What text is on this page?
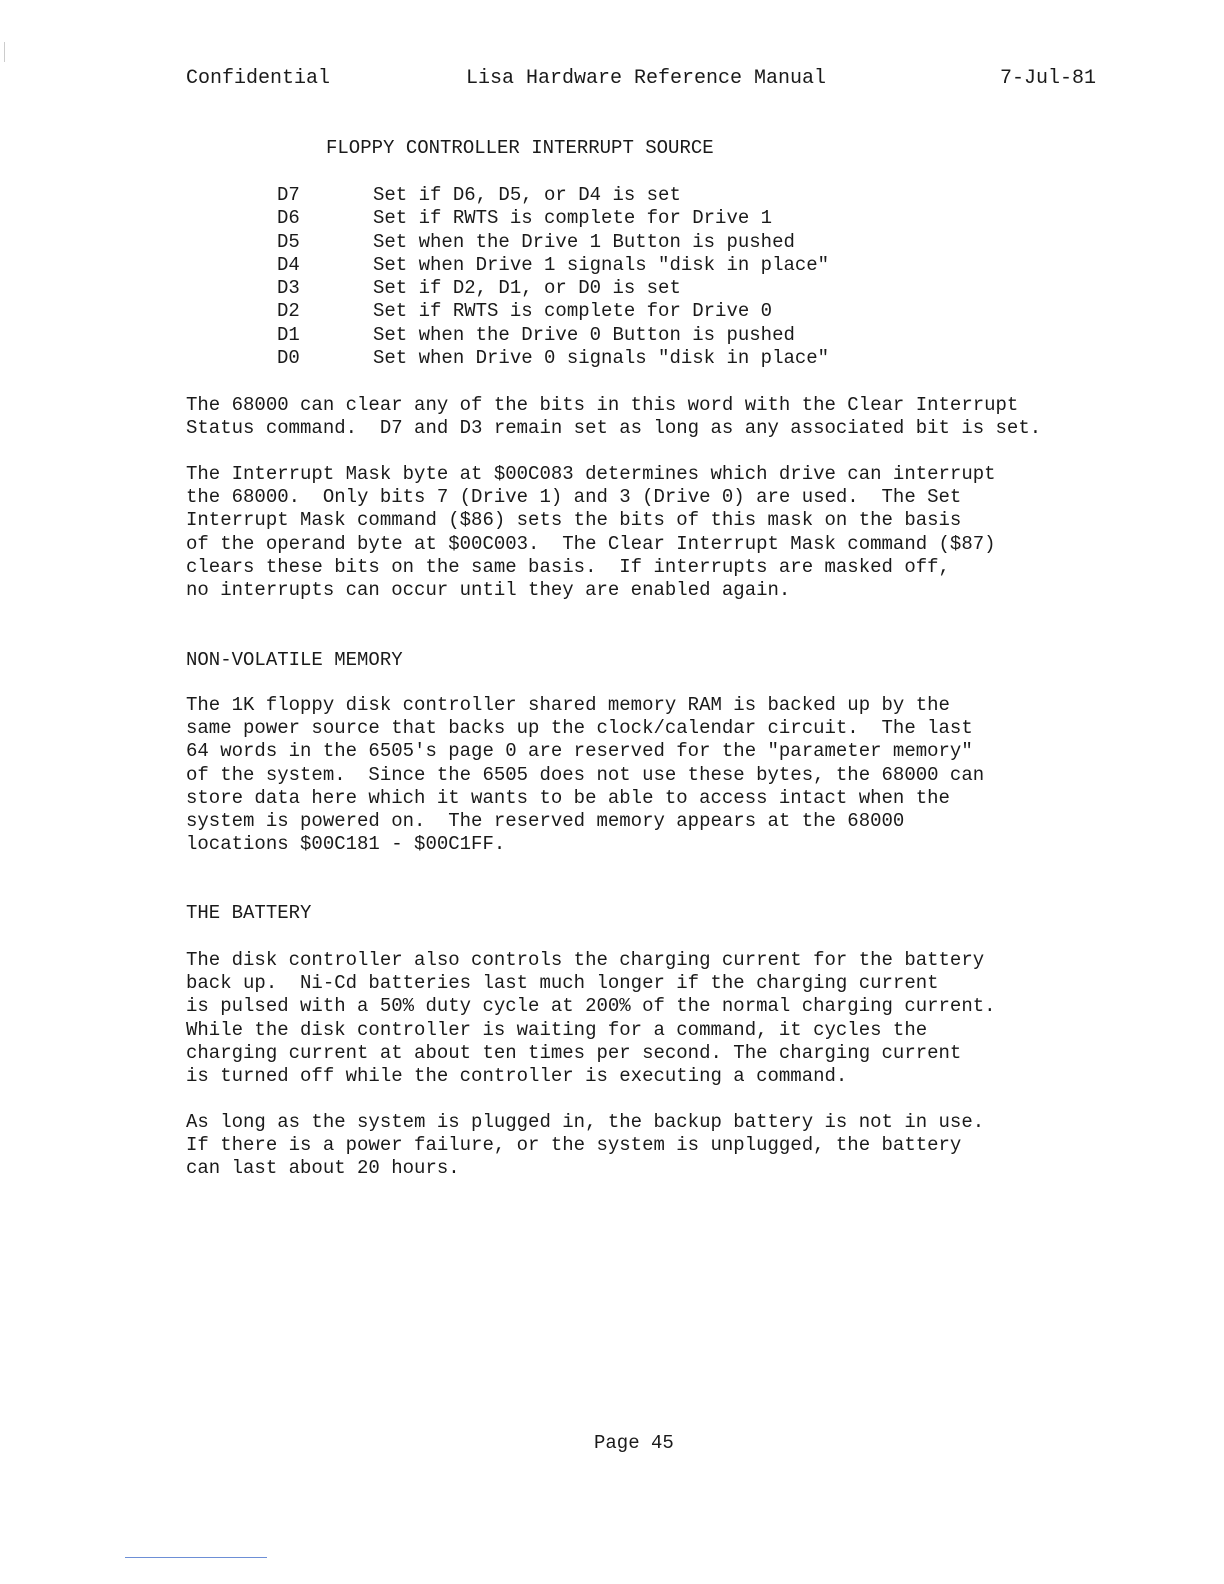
Confidential	Lisa Hardware Reference Manual	7-Jul-81
FLOPPY CONTROLLER INTERRUPT SOURCE
D7	Set if D6, D5, or D4 is set
D6	Set if RWTS is complete for Drive 1
D5	Set when the Drive 1 Button is pushed
D4	Set when Drive 1 signals "disk in place"
D3	Set if D2, D1, or D0 is set
D2	Set if RWTS is complete for Drive 0
D1	Set when the Drive 0 Button is pushed
D0	Set when Drive 0 signals "disk in place"

The 68000 can clear any of the bits in this word with the Clear Interrupt
Status command.  D7 and D3 remain set as long as any associated bit is set.

The Interrupt Mask byte at $00C083 determines which drive can interrupt
the 68000.  Only bits 7 (Drive 1) and 3 (Drive 0) are used.  The Set
Interrupt Mask command ($86) sets the bits of this mask on the basis
of the operand byte at $00C003.  The Clear Interrupt Mask command ($87)
clears these bits on the same basis.  If interrupts are masked off,
no interrupts can occur until they are enabled again.

NON-VOLATILE MEMORY

The 1K floppy disk controller shared memory RAM is backed up by the
same power source that backs up the clock/calendar circuit.  The last
64 words in the 6505's page 0 are reserved for the "parameter memory"
of the system.  Since the 6505 does not use these bytes, the 68000 can
store data here which it wants to be able to access intact when the
system is powered on.  The reserved memory appears at the 68000
locations $00C181 - $00C1FF.

THE BATTERY

The disk controller also controls the charging current for the battery
back up.  Ni-Cd batteries last much longer if the charging current
is pulsed with a 50% duty cycle at 200% of the normal charging current.
While the disk controller is waiting for a command, it cycles the
charging current at about ten times per second. The charging current
is turned off while the controller is executing a command.

As long as the system is plugged in, the backup battery is not in use.
If there is a power failure, or the system is unplugged, the battery
can last about 20 hours.

Page 45
